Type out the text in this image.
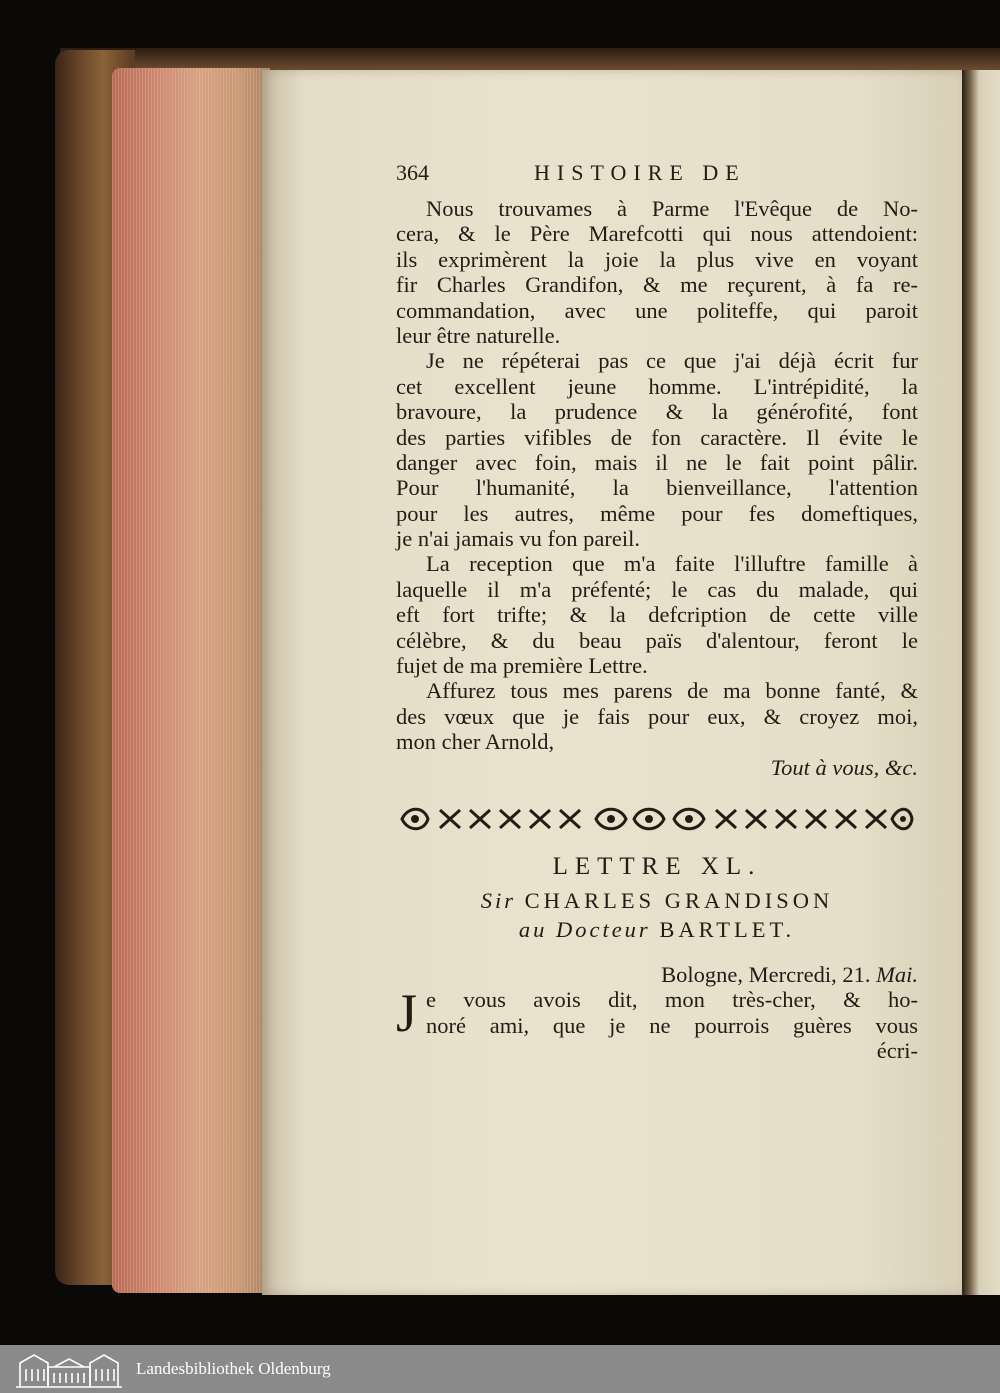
364	HISTOIRE DE
Nous trouvames à Parme l'Evêque de No-
cera, & le Père Marefcotti qui nous attendoient:
ils exprimèrent la joie la plus vive en voyant
fir Charles Grandifon, & me reçurent, à fa re-
commandation, avec une politeffe, qui paroit
leur être naturelle.
Je ne répéterai pas ce que j'ai déjà écrit fur
cet excellent jeune homme. L'intrépidité, la
bravoure, la prudence & la générofité, font
des parties vifibles de fon caractère. Il évite le
danger avec foin, mais il ne le fait point pâlir.
Pour l'humanité, la bienveillance, l'attention
pour les autres, même pour fes domeftiques,
je n'ai jamais vu fon pareil.
La reception que m'a faite l'illuftre famille à
laquelle il m'a préfenté; le cas du malade, qui
eft fort trifte; & la defcription de cette ville
célèbre, & du beau païs d'alentour, feront le
fujet de ma première Lettre.
Affurez tous mes parens de ma bonne fanté, &
des vœux que je fais pour eux, & croyez moi,
mon cher Arnold,
Tout à vous, &c.
LETTRE XL.
Sir CHARLES GRANDISON
au Docteur BARTLET.
Bologne, Mercredi, 21. Mai.
J e vous avois dit, mon très-cher, & ho-
noré ami, que je ne pourrois guères vous
écri-
Landesbibliothek Oldenburg
